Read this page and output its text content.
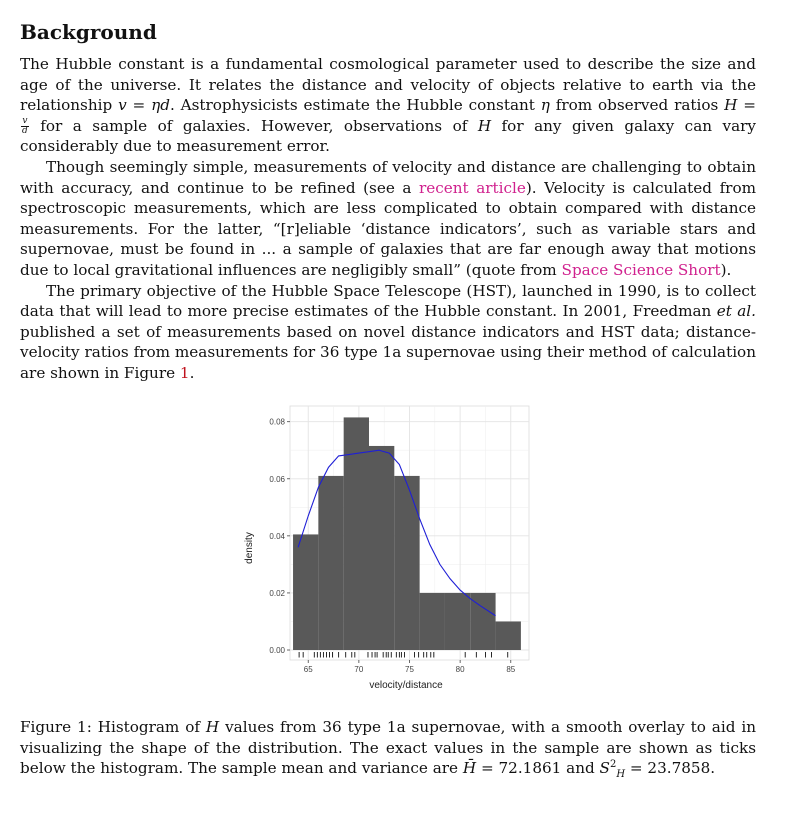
Background

The Hubble constant is a fundamental cosmological parameter used to describe the size and age of the universe. It relates the distance and velocity of objects relative to earth via the relationship v = ηd. Astrophysicists estimate the Hubble constant η from observed ratios H =
$\frac{v}{d}$ for a sample of galaxies. However, observations of H for any given galaxy can vary considerably due to measurement error.

Though seemingly simple, measurements of velocity and distance are challenging to obtain with accuracy, and continue to be refined (see a recent article). Velocity is calculated from spectroscopic measurements, which are less complicated to obtain compared with distance measurements. For the latter, “[r]eliable ‘distance indicators’, such as variable stars and supernovae, must be found in ... a sample of galaxies that are far enough away that motions due to local gravitational influences are negligibly small” (quote from Space Science Short).

The primary objective of the Hubble Space Telescope (HST), launched in 1990, is to collect data that will lead to more precise estimates of the Hubble constant. In 2001, Freedman et al. published a set of measurements based on novel distance indicators and HST data; distance-velocity ratios from measurements for 36 type 1a supernovae using their method of calculation are shown in Figure 1.

65	70	75	80	85
0.00
0.02
0.04
0.06
0.08
velocity/distance
density

Figure 1: Histogram of H values from 36 type 1a supernovae, with a smooth overlay to aid in visualizing the shape of the distribution. The exact values in the sample are shown as ticks below the histogram. The sample mean and variance are H̄ = 72.1861 and $S^2_H = 23.7858$.
